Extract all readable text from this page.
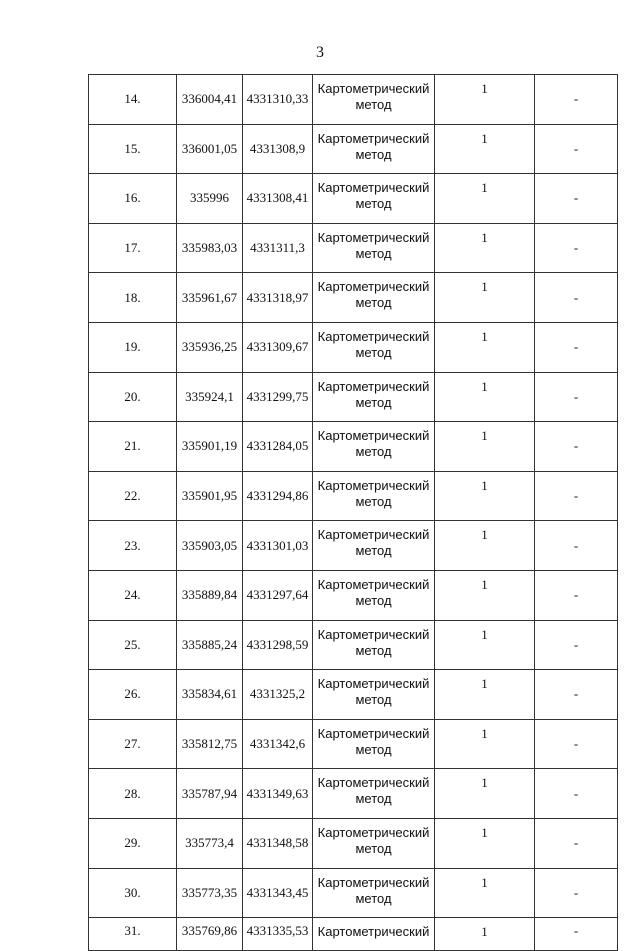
3
14.	336004,41	4331310,33	Картометрический метод	1	-
15.	336001,05	4331308,9	Картометрический метод	1	-
16.	335996	4331308,41	Картометрический метод	1	-
17.	335983,03	4331311,3	Картометрический метод	1	-
18.	335961,67	4331318,97	Картометрический метод	1	-
19.	335936,25	4331309,67	Картометрический метод	1	-
20.	335924,1	4331299,75	Картометрический метод	1	-
21.	335901,19	4331284,05	Картометрический метод	1	-
22.	335901,95	4331294,86	Картометрический метод	1	-
23.	335903,05	4331301,03	Картометрический метод	1	-
24.	335889,84	4331297,64	Картометрический метод	1	-
25.	335885,24	4331298,59	Картометрический метод	1	-
26.	335834,61	4331325,2	Картометрический метод	1	-
27.	335812,75	4331342,6	Картометрический метод	1	-
28.	335787,94	4331349,63	Картометрический метод	1	-
29.	335773,4	4331348,58	Картометрический метод	1	-
30.	335773,35	4331343,45	Картометрический метод	1	-
31.	335769,86	4331335,53	Картометрический	1	-
